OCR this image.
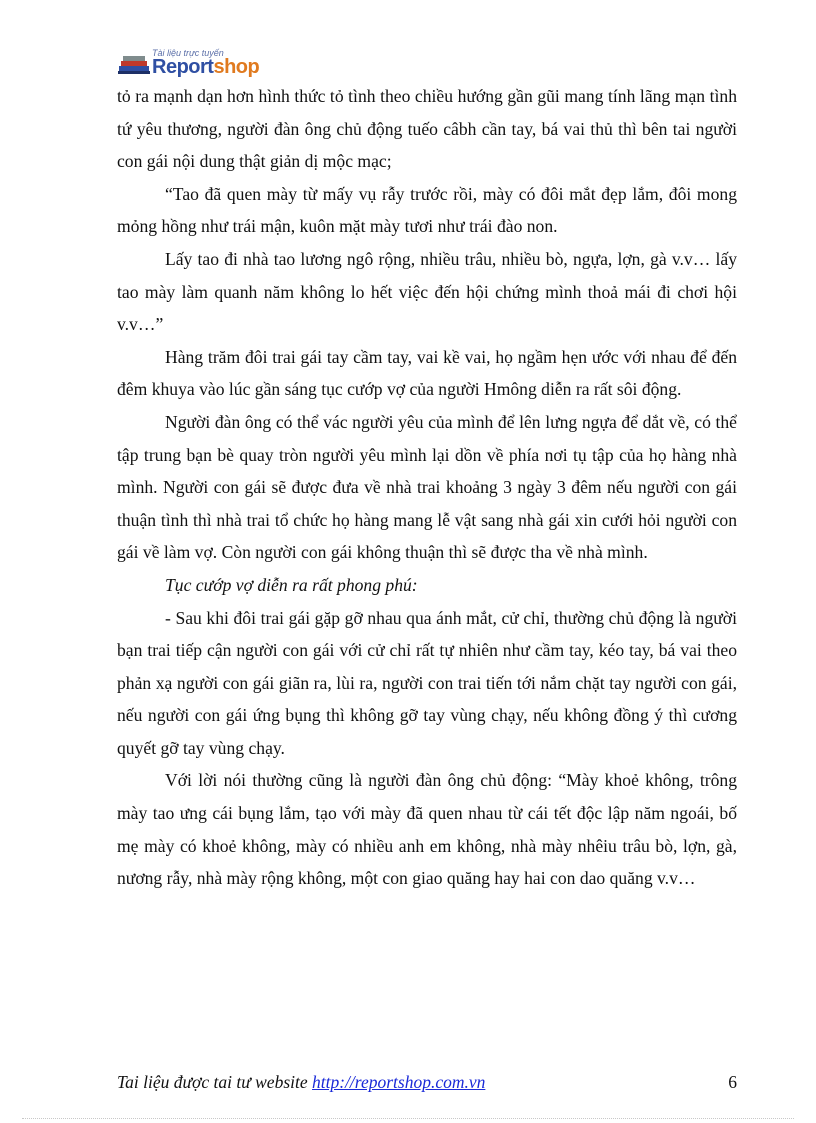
Tài liệu trực tuyến
Reportshop

tỏ ra mạnh dạn hơn hình thức tỏ tình theo chiều hướng gần gũi mang tính lãng mạn tình tứ yêu thương, người đàn ông chủ động tuếo câbh cần tay, bá vai thủ thì bên tai người con gái nội dung thật giản dị mộc mạc;

“Tao đã quen mày từ mấy vụ rẫy trước rồi, mày có đôi mắt đẹp lắm, đôi mong mỏng hồng như trái mận, kuôn mặt mày tươi như trái đào non.

Lấy tao đi nhà tao lương ngô rộng, nhiều trâu, nhiều bò, ngựa, lợn, gà v.v… lấy tao mày làm quanh năm không lo hết việc đến hội chứng mình thoả mái đi chơi hội v.v…”

Hàng trăm đôi trai gái tay cầm tay, vai kề vai, họ ngầm hẹn ước với nhau để đến đêm khuya vào lúc gần sáng tục cướp vợ của người Hmông diễn ra rất sôi động.

Người đàn ông có thể vác người yêu của mình để lên lưng ngựa để dắt về, có thể tập trung bạn bè quay tròn người yêu mình lại dồn về phía nơi tụ tập của họ hàng nhà mình. Người con gái sẽ được đưa về nhà trai khoảng 3 ngày 3 đêm nếu người con gái thuận tình thì nhà trai tổ chức họ hàng mang lễ vật sang nhà gái xin cưới hỏi người con gái về làm vợ. Còn người con gái không thuận thì sẽ được tha về nhà mình.

Tục cướp vợ diễn ra rất phong phú:

- Sau khi đôi trai gái gặp gỡ nhau qua ánh mắt, cử chỉ, thường chủ động là người bạn trai tiếp cận người con gái với cử chỉ rất tự nhiên như cầm tay, kéo tay, bá vai theo phản xạ người con gái giãn ra, lùi ra, người con trai tiến tới nắm chặt tay người con gái, nếu người con gái ứng bụng thì không gỡ tay vùng chạy, nếu không đồng ý thì cương quyết gỡ tay vùng chạy.

Với lời nói thường cũng là người đàn ông chủ động: “Mày khoẻ không, trông mày tao ưng cái bụng lắm, tạo với mày đã quen nhau từ cái tết độc lập năm ngoái, bố mẹ mày có khoẻ không, mày có nhiều anh em không, nhà mày nhêiu trâu bò, lợn, gà, nương rẫy, nhà mày rộng không, một con giao quăng hay hai con dao quăng v.v…

Tai liệu được tai tư website http://reportshop.com.vn	6
